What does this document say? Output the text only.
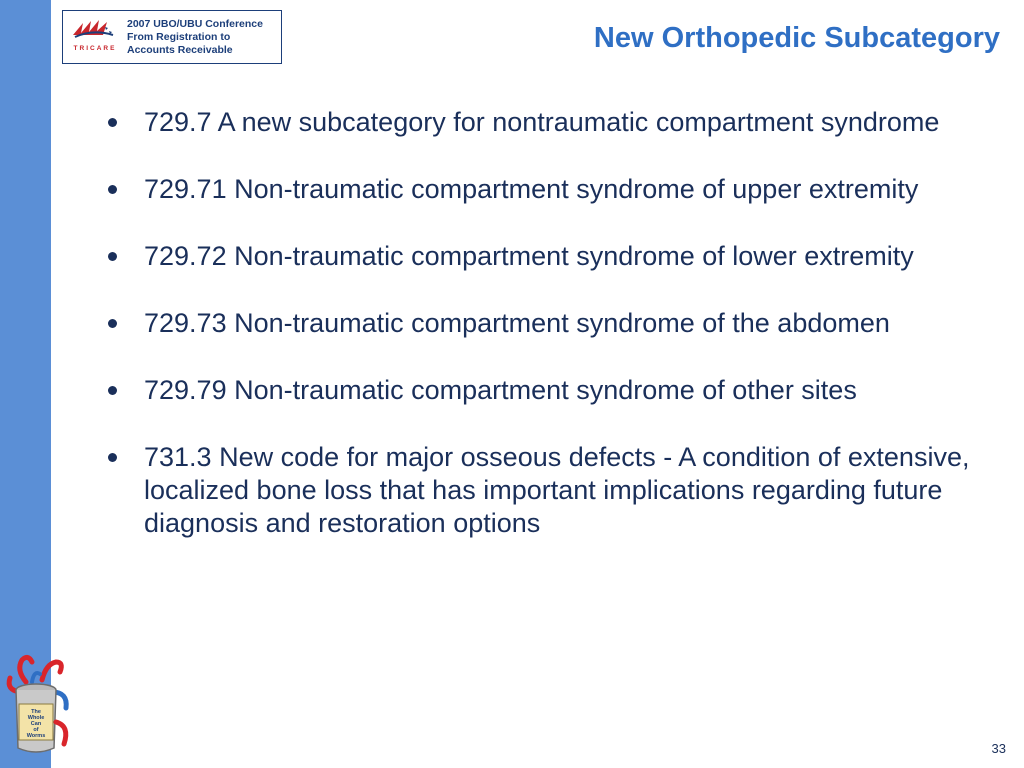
TRICARE
2007 UBO/UBU Conference
From Registration to
Accounts Receivable	New Orthopedic Subcategory
729.7 A new subcategory for nontraumatic compartment syndrome
729.71 Non-traumatic compartment syndrome of upper extremity
729.72 Non-traumatic compartment syndrome of lower extremity
729.73 Non-traumatic compartment syndrome of the abdomen
729.79 Non-traumatic compartment syndrome of other sites
731.3 New code for major osseous defects - A condition of extensive, localized bone loss that has important implications regarding future diagnosis and restoration options
The
Whole
Can
of
Worms
33
